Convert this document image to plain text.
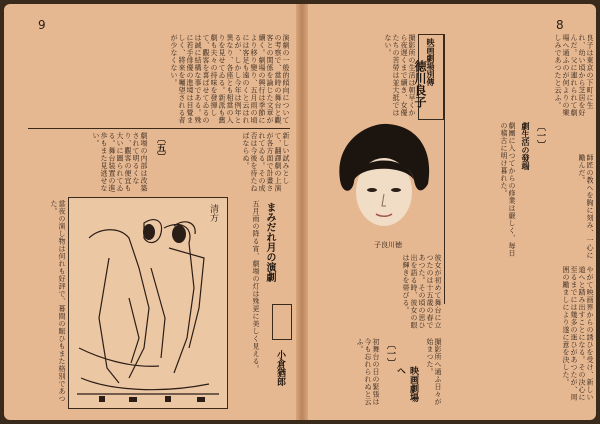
9	8
演劇の一般的傾向についての考察で、當時の舞台と觀客との関係を論じた文章が續く。劇場の興行は季節により移り變り、五月雨の頃には客足も遠のくと云はれるが、しかし今年は例年と異なり、各座とも相當の入りを見せてゐる。新派も舊劇も夫々の持味を發揮して、觀客を喜ばせてゐるのは誠に結構な事である。殊に若手俳優の進境は目覺ましく、將來を囑望される者が少なくない。
劇場の内部は改築されて明るくなり、觀客の便宜も大いに圖られてゐる。舞台装置の進歩もまた見逃せない。	〔五〕	新しい試みとして、翻譯劇の上演が各方面で計畫されてゐる。その成否は今後を待たねばならぬ。
當夜の演し物は何れも好評で、幕間の賑ひもまた格別であつた。	清方	五月雨の降る宵、劇場の灯は殊更に美しく見える。 まみだれ月の演劇
小倉猶郎
撮影所の生活は朝早くから夜遅くまで續き、女優たちの苦勞は並大抵ではない。	映画劇場別傳
徳川良子
子良川徳
彼女が初めて舞台に立つたのは十五歳の春であつた。その頃の思ひ出を語る時、彼女の眼は輝きを帯びる。
初舞台の日の緊張は今も忘れられぬと云ふ。	〔一〕
映画劇場へ	撮影所へ通ふ日々が始まつた。
良子は東京の下町に生れ、幼い頃から芝居を好んだ。父に連れられて劇場へ通ふのが何よりの樂しみであつたと云ふ。
〔一〕
劇生活の發端
劇團に入つてからの修業は嚴しく、毎日の稽古に明け暮れた。	師匠の教へを胸に刻み、一心に勵んだ。
やがて映画界からの誘ひを受け、新しい道へと踏み出すことになる。その決心に至るまでには幾多の迷ひがあつたが、周囲の勵ましにより遂に意を決した。
